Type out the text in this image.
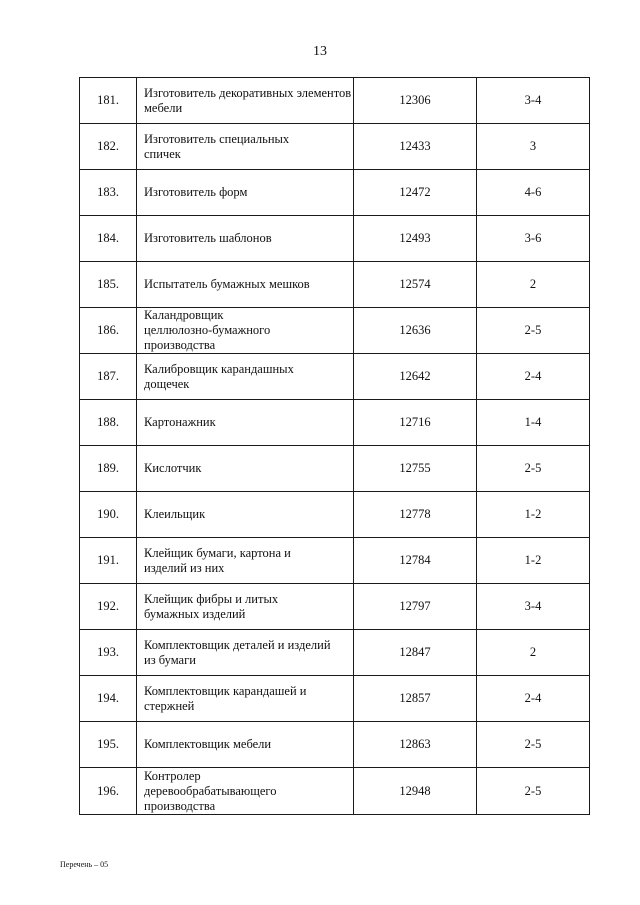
13
181.	Изготовитель декоративных элементов мебели	12306	3-4
182.	Изготовитель специальных спичек	12433	3
183.	Изготовитель форм	12472	4-6
184.	Изготовитель шаблонов	12493	3-6
185.	Испытатель бумажных мешков	12574	2
186.	Каландровщик целлюлозно-бумажного производства	12636	2-5
187.	Калибровщик карандашных дощечек	12642	2-4
188.	Картонажник	12716	1-4
189.	Кислотчик	12755	2-5
190.	Клеильщик	12778	1-2
191.	Клейщик бумаги, картона и изделий из них	12784	1-2
192.	Клейщик фибры и литых бумажных изделий	12797	3-4
193.	Комплектовщик деталей и изделий из бумаги	12847	2
194.	Комплектовщик карандашей и стержней	12857	2-4
195.	Комплектовщик мебели	12863	2-5
196.	Контролер деревообрабатывающего производства	12948	2-5
Перечень – 05
